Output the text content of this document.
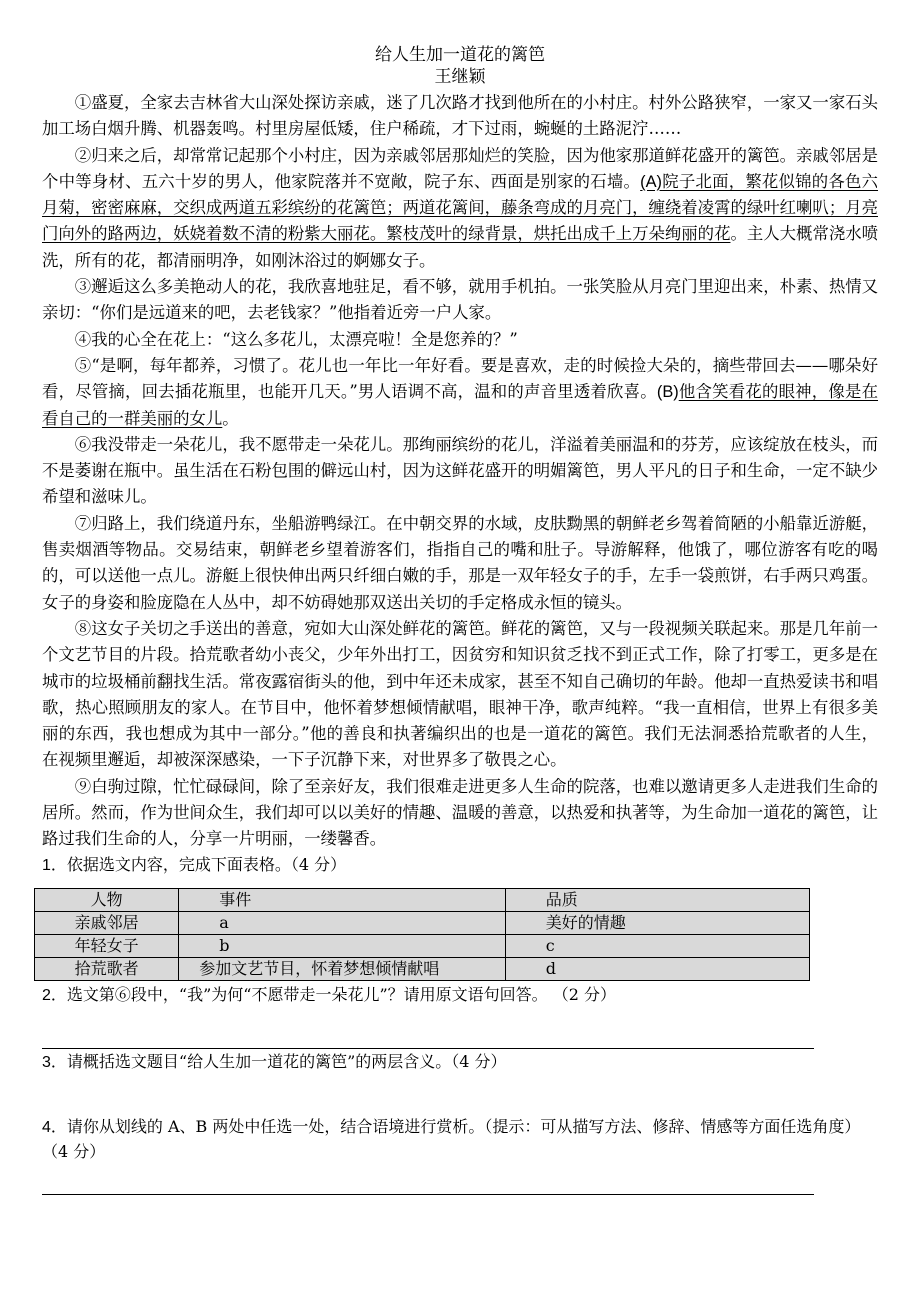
给人生加一道花的篱笆

王继颖

①盛夏，全家去吉林省大山深处探访亲戚，迷了几次路才找到他所在的小村庄。村外公路狭窄，一家又一家石头加工场白烟升腾、机器轰鸣。村里房屋低矮，住户稀疏，才下过雨，蜿蜒的土路泥泞……

②归来之后，却常常记起那个小村庄，因为亲戚邻居那灿烂的笑脸，因为他家那道鲜花盛开的篱笆。亲戚邻居是个中等身材、五六十岁的男人，他家院落并不宽敞，院子东、西面是别家的石墙。(A)院子北面，繁花似锦的各色六月菊，密密麻麻，交织成两道五彩缤纷的花篱笆；两道花篱间，藤条弯成的月亮门，缠绕着凌霄的绿叶红喇叭；月亮门向外的路两边，妖娆着数不清的粉紫大丽花。繁枝茂叶的绿背景，烘托出成千上万朵绚丽的花。主人大概常浇水喷洗，所有的花，都清丽明净，如刚沐浴过的婀娜女子。

③邂逅这么多美艳动人的花，我欣喜地驻足，看不够，就用手机拍。一张笑脸从月亮门里迎出来，朴素、热情又亲切：“你们是远道来的吧，去老钱家？”他指着近旁一户人家。

④我的心全在花上：“这么多花儿，太漂亮啦！全是您养的？”

⑤“是啊，每年都养，习惯了。花儿也一年比一年好看。要是喜欢，走的时候捡大朵的，摘些带回去——哪朵好看，尽管摘，回去插花瓶里，也能开几天。”男人语调不高，温和的声音里透着欣喜。(B)他含笑看花的眼神，像是在看自己的一群美丽的女儿。

⑥我没带走一朵花儿，我不愿带走一朵花儿。那绚丽缤纷的花儿，洋溢着美丽温和的芬芳，应该绽放在枝头，而不是萎谢在瓶中。虽生活在石粉包围的僻远山村，因为这鲜花盛开的明媚篱笆，男人平凡的日子和生命，一定不缺少希望和滋味儿。

⑦归路上，我们绕道丹东，坐船游鸭绿江。在中朝交界的水域，皮肤黝黑的朝鲜老乡驾着简陋的小船靠近游艇，售卖烟酒等物品。交易结束，朝鲜老乡望着游客们，指指自己的嘴和肚子。导游解释，他饿了，哪位游客有吃的喝的，可以送他一点儿。游艇上很快伸出两只纤细白嫩的手，那是一双年轻女子的手，左手一袋煎饼，右手两只鸡蛋。女子的身姿和脸庞隐在人丛中，却不妨碍她那双送出关切的手定格成永恒的镜头。

⑧这女子关切之手送出的善意，宛如大山深处鲜花的篱笆。鲜花的篱笆，又与一段视频关联起来。那是几年前一个文艺节目的片段。拾荒歌者幼小丧父，少年外出打工，因贫穷和知识贫乏找不到正式工作，除了打零工，更多是在城市的垃圾桶前翻找生活。常夜露宿街头的他，到中年还未成家，甚至不知自己确切的年龄。他却一直热爱读书和唱歌，热心照顾朋友的家人。在节目中，他怀着梦想倾情献唱，眼神干净，歌声纯粹。“我一直相信，世界上有很多美丽的东西，我也想成为其中一部分。”他的善良和执著编织出的也是一道花的篱笆。我们无法洞悉拾荒歌者的人生，在视频里邂逅，却被深深感染，一下子沉静下来，对世界多了敬畏之心。

⑨白驹过隙，忙忙碌碌间，除了至亲好友，我们很难走进更多人生命的院落，也难以邀请更多人走进我们生命的居所。然而，作为世间众生，我们却可以以美好的情趣、温暖的善意，以热爱和执著等，为生命加一道花的篱笆，让路过我们生命的人，分享一片明丽，一缕馨香。

1．依据选文内容，完成下面表格。（4 分）

人物	事件	品质
亲戚邻居	a	美好的情趣
年轻女子	b	c
拾荒歌者	参加文艺节目，怀着梦想倾情献唱	d

2．选文第⑥段中，“我”为何“不愿带走一朵花儿”？请用原文语句回答。 （2 分）

3．请概括选文题目“给人生加一道花的篱笆”的两层含义。（4 分）

4．请你从划线的 A、B 两处中任选一处，结合语境进行赏析。（提示：可从描写方法、修辞、情感等方面任选角度）（4 分）
